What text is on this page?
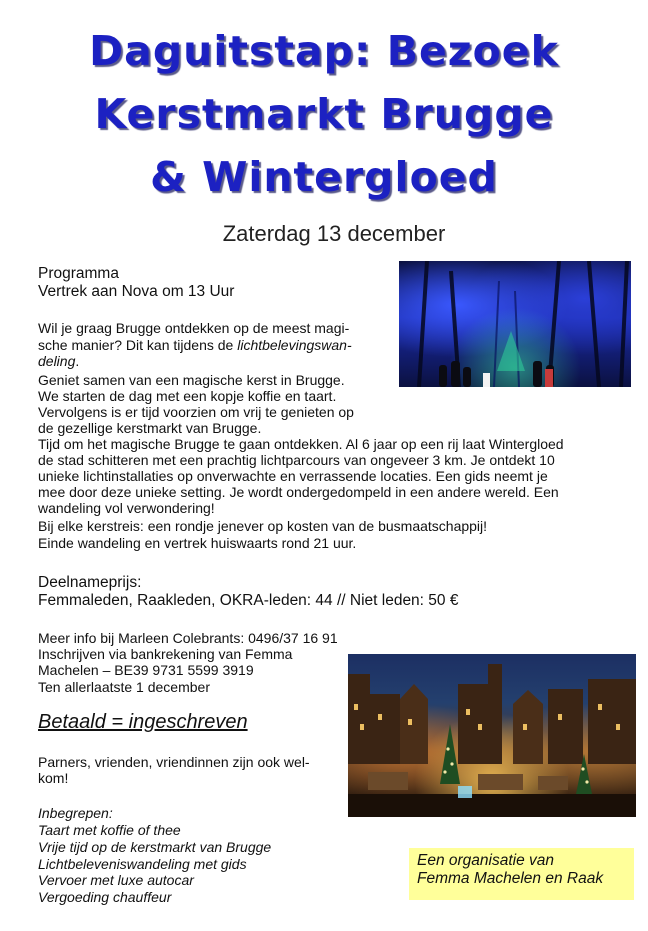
Daguitstap: Bezoek
Kerstmarkt Brugge
& Wintergloed
Zaterdag 13 december
Programma
Vertrek aan Nova om 13 Uur
Wil je graag Brugge ontdekken op de meest magi-
sche manier? Dit kan tijdens de lichtbelevingswan-
deling.
Geniet samen van een magische kerst in Brugge.
We starten de dag met een kopje koffie en taart.
Vervolgens is er tijd voorzien om vrij te genieten op
de gezellige kerstmarkt van Brugge.
Tijd om het magische Brugge te gaan ontdekken. Al 6 jaar op een rij laat Wintergloed
de stad schitteren met een prachtig lichtparcours van ongeveer 3 km. Je ontdekt 10
unieke lichtinstallaties op onverwachte en verrassende locaties. Een gids neemt je
mee door deze unieke setting. Je wordt ondergedompeld in een andere wereld. Een
wandeling vol verwondering!
Bij elke kerstreis: een rondje jenever op kosten van de busmaatschappij!
Einde wandeling en vertrek huiswaarts rond 21 uur.
Deelnameprijs:
Femmaleden, Raakleden, OKRA-leden: 44 // Niet leden: 50 €
Meer info bij Marleen Colebrants: 0496/37 16 91
Inschrijven via bankrekening van Femma
Machelen – BE39 9731 5599 3919
Ten allerlaatste 1 december
Betaald = ingeschreven
Parners, vrienden, vriendinnen zijn ook wel-
kom!
Inbegrepen:
Taart met koffie of thee
Vrije tijd op de kerstmarkt van Brugge
Lichtbeleveniswandeling met gids
Vervoer met luxe autocar
Vergoeding chauffeur
Een organisatie van
Femma Machelen en Raak
